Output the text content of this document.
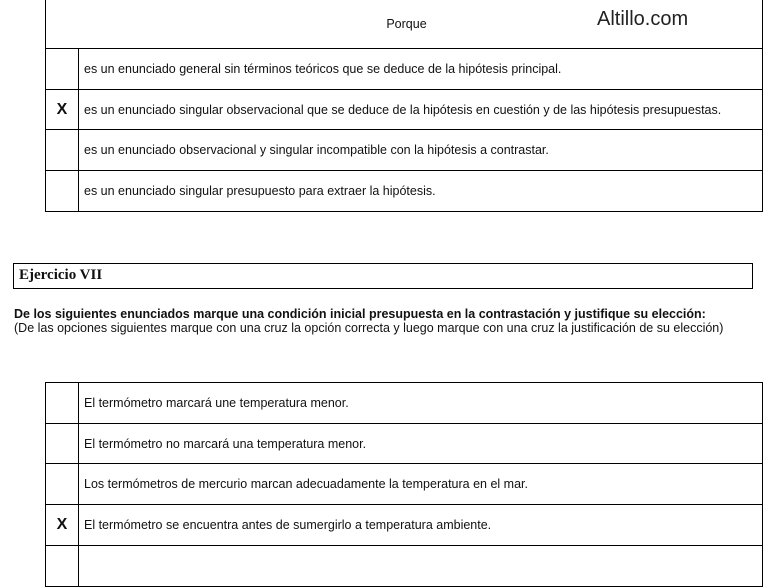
Porque	
	es un enunciado general sin términos teóricos que se deduce de la hipótesis principal.
X	es un enunciado singular observacional que se deduce de la hipótesis en cuestión y de las hipótesis presupuestas.
	es un enunciado observacional y singular incompatible con la hipótesis a contrastar.
	es un enunciado singular presupuesto para extraer la hipótesis.
Altillo.com
Ejercicio VII
De los siguientes enunciados marque una condición inicial presupuesta en la contrastación y justifique su elección:
(De las opciones siguientes marque con una cruz la opción correcta y luego marque con una cruz la justificación de su elección)
	El termómetro marcará une temperatura menor.
	El termómetro no marcará una temperatura menor.
	Los termómetros de mercurio marcan adecuadamente la temperatura en el mar.
X	El termómetro se encuentra antes de sumergirlo a temperatura ambiente.
